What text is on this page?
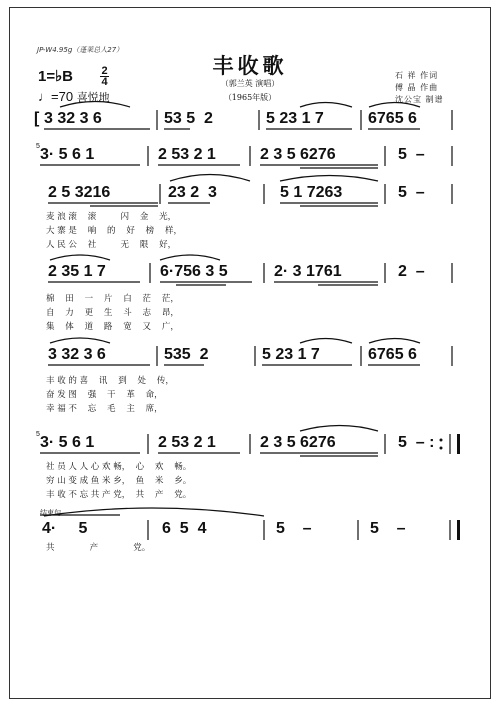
JP-W4.95g（蓬莱总人27）
丰收歌
（郭兰英 演唱）
（1965年版）
石 祥 作词
傅 晶 作曲
沈公宝 制谱
1=♭B	2
4
♩=70 喜悦地
[ 3 32 3 6	53 5  2	5 23 1 7	6765 6
3· 5 6 1	2 53 2 1	2 3 5 6276	5  –
2 5 3216	23 2  3	5 1 7263	5  –
2 35 1 7	6·756 3 5	2· 3 1761	2  –
3 32 3 6	535  2	5 23 1 7	6765 6
3· 5 6 1	2 53 2 1	2 3 5 6276	5  – :
4·     5	6  5  4	5    –	5    –
结束句
5
5
麦 浪 滚    滚         闪    金    光，
大 寨 是    响    的    好    榜    样，
人 民 公    社         无    限    好，
棉    田    一    片    白    茫    茫，
自    力    更    生    斗    志    昂，
集    体    道    路    宽    又    广，
丰 收 的 喜    讯    到    处    传，
奋 发 图    强    干    革    命，
幸 福 不    忘    毛    主    席，
社 员 人 人 心 欢 畅，  心    欢    畅。
穷 山 变 成 鱼 米 乡，  鱼    米    乡。
丰 收 不 忘 共 产 党，  共    产    党。
共             产             党。
